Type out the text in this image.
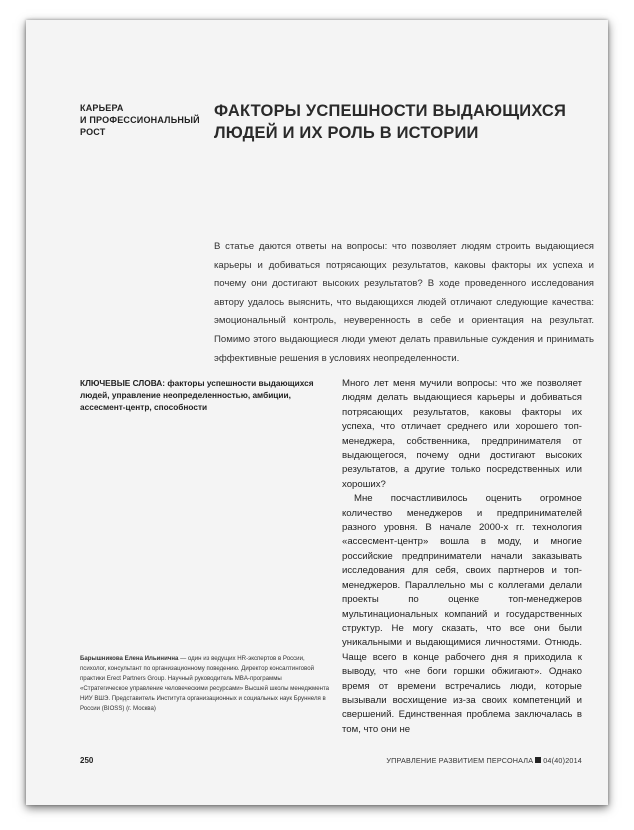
КАРЬЕРА
И ПРОФЕССИОНАЛЬНЫЙ
РОСТ
ФАКТОРЫ УСПЕШНОСТИ ВЫДАЮЩИХСЯ
ЛЮДЕЙ И ИХ РОЛЬ В ИСТОРИИ
В статье даются ответы на вопросы: что позволяет людям строить выдающиеся карьеры и добиваться потрясающих результатов, каковы факторы их успеха и почему они достигают высоких результатов? В ходе проведенного исследования автору удалось выяснить, что выдающихся людей отличают следующие качества: эмоциональный контроль, неуверенность в себе и ориентация на результат. Помимо этого выдающиеся люди умеют делать правильные суждения и принимать эффективные решения в условиях неопределенности.
КЛЮЧЕВЫЕ СЛОВА: факторы успешности выдающихся людей, управление неопределенностью, амбиции, ассесмент-центр, способности
Барышникова Елена Ильинична — один из ведущих HR-экспертов в России, психолог, консультант по организационному поведению. Директор консалтинговой практики Erect Partners Group. Научный руководитель MBA-программы «Стратегическое управление человеческими ресурсами» Высшей школы менеджмента НИУ ВШЭ. Представитель Института организационных и социальных наук Бруннеля в России (BIOSS) (г. Москва)

Много лет меня мучили вопросы: что же позволяет людям делать выдающиеся карьеры и добиваться потрясающих результатов, каковы факторы их успеха, что отличает среднего или хорошего топ-менеджера, собственника, предпринимателя от выдающегося, почему одни достигают высоких результатов, а другие только посредственных или хороших?

Мне посчастливилось оценить огромное количество менеджеров и предпринимателей разного уровня. В начале 2000-х гг. технология «ассесмент-центр» вошла в моду, и многие российские предприниматели начали заказывать исследования для себя, своих партнеров и топ-менеджеров. Параллельно мы с коллегами делали проекты по оценке топ-менеджеров мультинациональных компаний и государственных структур. Не могу сказать, что все они были уникальными и выдающимися личностями. Отнюдь. Чаще всего в конце рабочего дня я приходила к выводу, что «не боги горшки обжигают». Однако время от времени встречались люди, которые вызывали восхищение из-за своих компетенций и свершений. Единственная проблема заключалась в том, что они не

250	УПРАВЛЕНИЕ РАЗВИТИЕМ ПЕРСОНАЛА 04(40)2014
